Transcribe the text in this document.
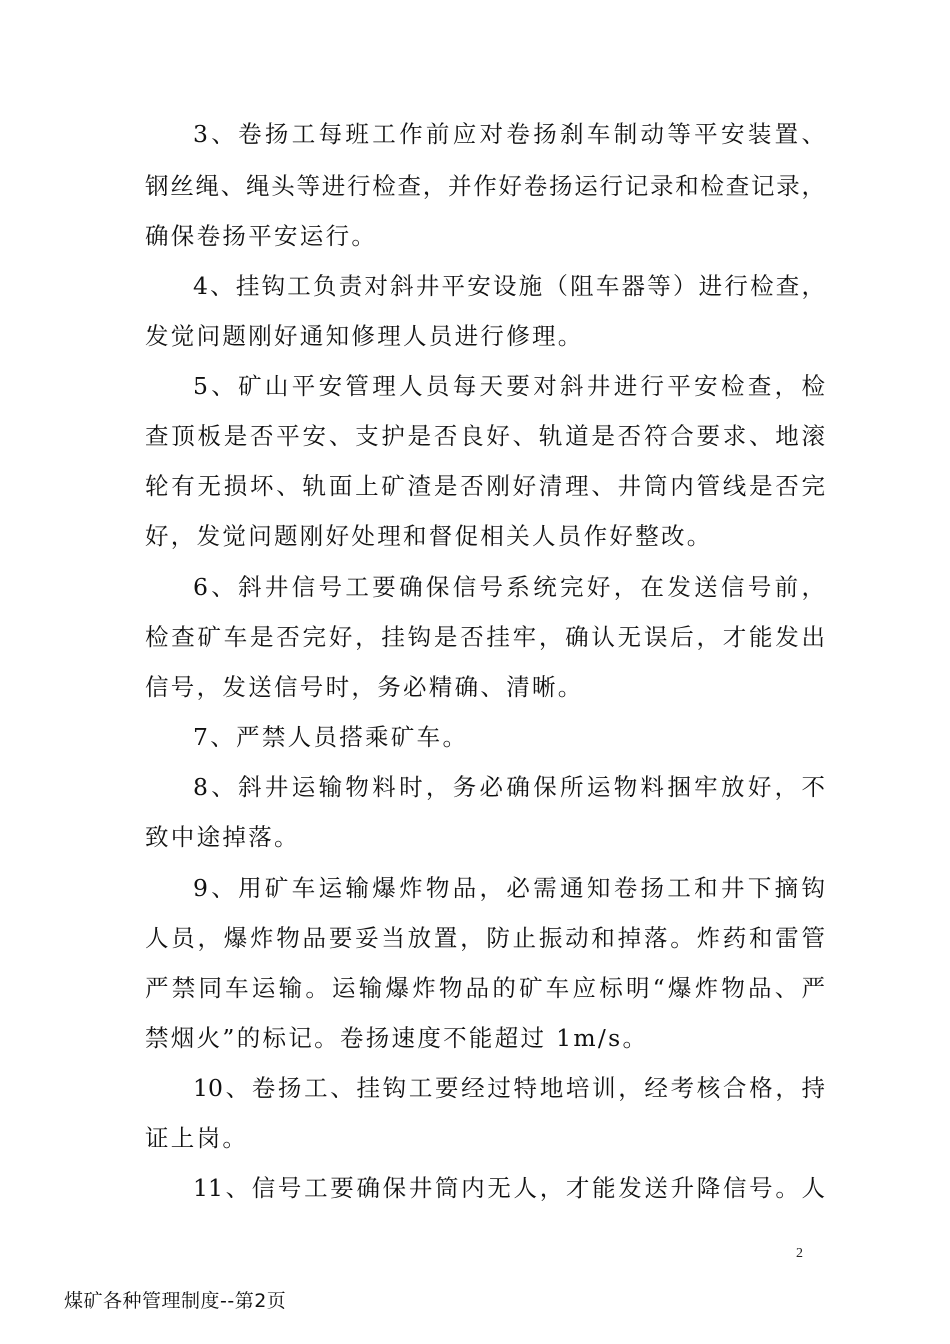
3、卷扬工每班工作前应对卷扬刹车制动等平安装置、
钢丝绳、绳头等进行检查，并作好卷扬运行记录和检查记录，
确保卷扬平安运行。
4、挂钩工负责对斜井平安设施（阻车器等）进行检查，
发觉问题刚好通知修理人员进行修理。
5、矿山平安管理人员每天要对斜井进行平安检查，检
查顶板是否平安、支护是否良好、轨道是否符合要求、地滚
轮有无损坏、轨面上矿渣是否刚好清理、井筒内管线是否完
好，发觉问题刚好处理和督促相关人员作好整改。
6、斜井信号工要确保信号系统完好，在发送信号前，
检查矿车是否完好，挂钩是否挂牢，确认无误后，才能发出
信号，发送信号时，务必精确、清晰。
7、严禁人员搭乘矿车。
8、斜井运输物料时，务必确保所运物料捆牢放好，不
致中途掉落。
9、用矿车运输爆炸物品，必需通知卷扬工和井下摘钩
人员，爆炸物品要妥当放置，防止振动和掉落。炸药和雷管
严禁同车运输。运输爆炸物品的矿车应标明“爆炸物品、严
禁烟火”的标记。卷扬速度不能超过 1m/s。
10、卷扬工、挂钩工要经过特地培训，经考核合格，持
证上岗。
11、信号工要确保井筒内无人，才能发送升降信号。人
2
煤矿各种管理制度--第2页
